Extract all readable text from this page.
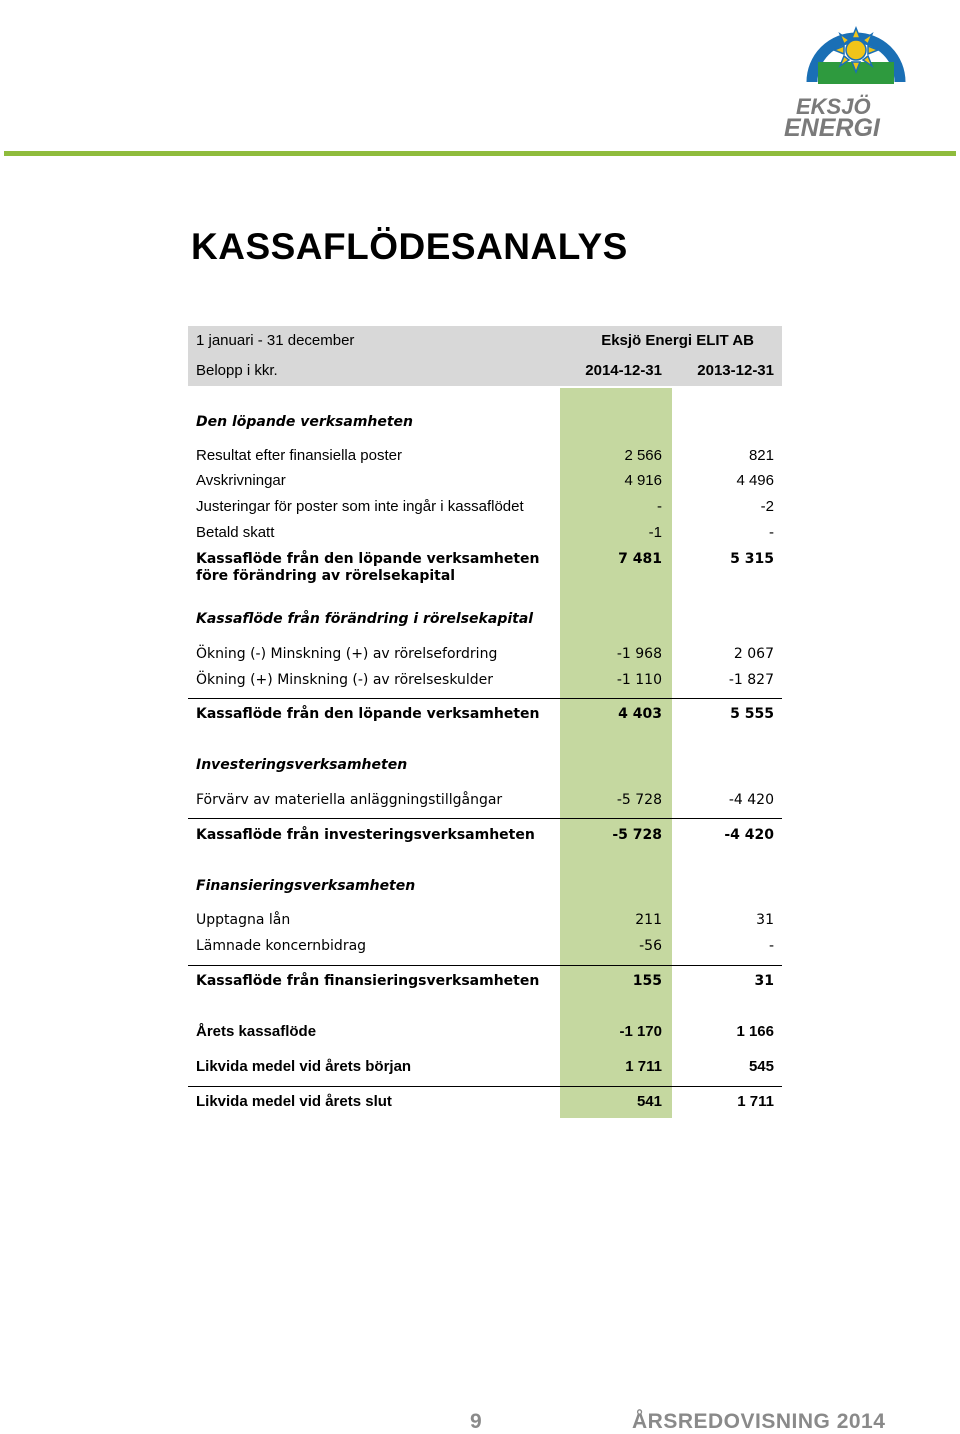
EKSJÖ
ENERGI
KASSAFLÖDESANALYS
1 januari - 31 december	Eksjö Energi ELIT AB
Belopp i kkr.	2014-12-31 2013-12-31
Den löpande verksamheten
Resultat efter finansiella poster	2 566	821
Avskrivningar	4 916	4 496
Justeringar för poster som inte ingår i kassaflödet	-	-2
Betald skatt	-1	-
Kassaflöde från den löpande verksamheten
före förändring av rörelsekapital
7 481	5 315
Kassaflöde från förändring i rörelsekapital
Ökning (-) Minskning (+) av rörelsefordring	-1 968	2 067
Ökning (+) Minskning (-) av rörelseskulder	-1 110	-1 827
Kassaflöde från den löpande verksamheten	4 403	5 555
Investeringsverksamheten
Förvärv av materiella anläggningstillgångar	-5 728	-4 420
Kassaflöde från investeringsverksamheten	-5 728	-4 420
Finansieringsverksamheten
Upptagna lån	211	31
Lämnade koncernbidrag	-56	-
Kassaflöde från finansieringsverksamheten	155	31
Årets kassaflöde	-1 170	1 166
Likvida medel vid årets början	1 711	545
Likvida medel vid årets slut	541	1 711
9	ÅRSREDOVISNING 2014
